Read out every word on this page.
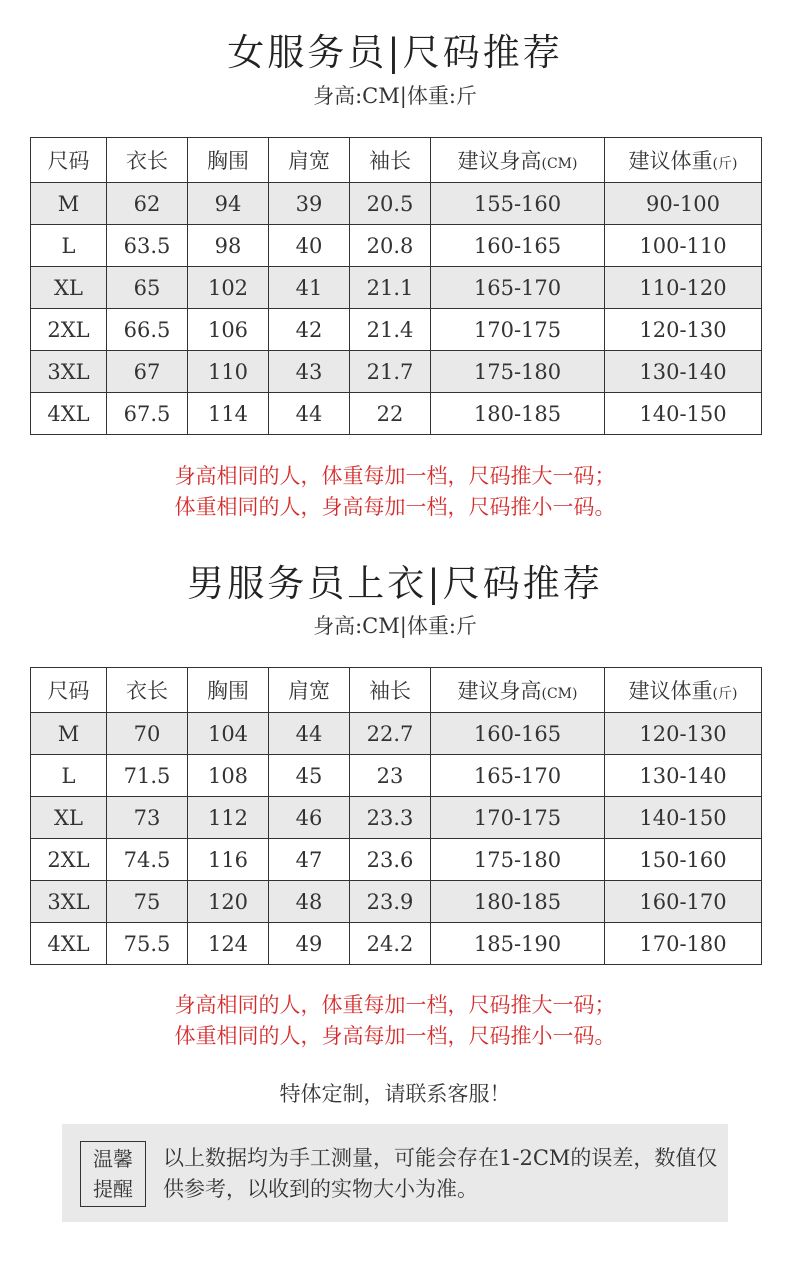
女服务员|尺码推荐
身高:CM|体重:斤
尺码	衣长	胸围	肩宽	袖长	建议身高(CM)	建议体重(斤)
M	62	94	39	20.5	155-160	90-100
L	63.5	98	40	20.8	160-165	100-110
XL	65	102	41	21.1	165-170	110-120
2XL	66.5	106	42	21.4	170-175	120-130
3XL	67	110	43	21.7	175-180	130-140
4XL	67.5	114	44	22	180-185	140-150
身高相同的人，体重每加一档，尺码推大一码；
体重相同的人，身高每加一档，尺码推小一码。
男服务员上衣|尺码推荐
身高:CM|体重:斤
尺码	衣长	胸围	肩宽	袖长	建议身高(CM)	建议体重(斤)
M	70	104	44	22.7	160-165	120-130
L	71.5	108	45	23	165-170	130-140
XL	73	112	46	23.3	170-175	140-150
2XL	74.5	116	47	23.6	175-180	150-160
3XL	75	120	48	23.9	180-185	160-170
4XL	75.5	124	49	24.2	185-190	170-180
身高相同的人，体重每加一档，尺码推大一码；
体重相同的人，身高每加一档，尺码推小一码。
特体定制，请联系客服！
温馨
提醒
以上数据均为手工测量，可能会存在1-2CM的误差，数值仅供参考，以收到的实物大小为准。
